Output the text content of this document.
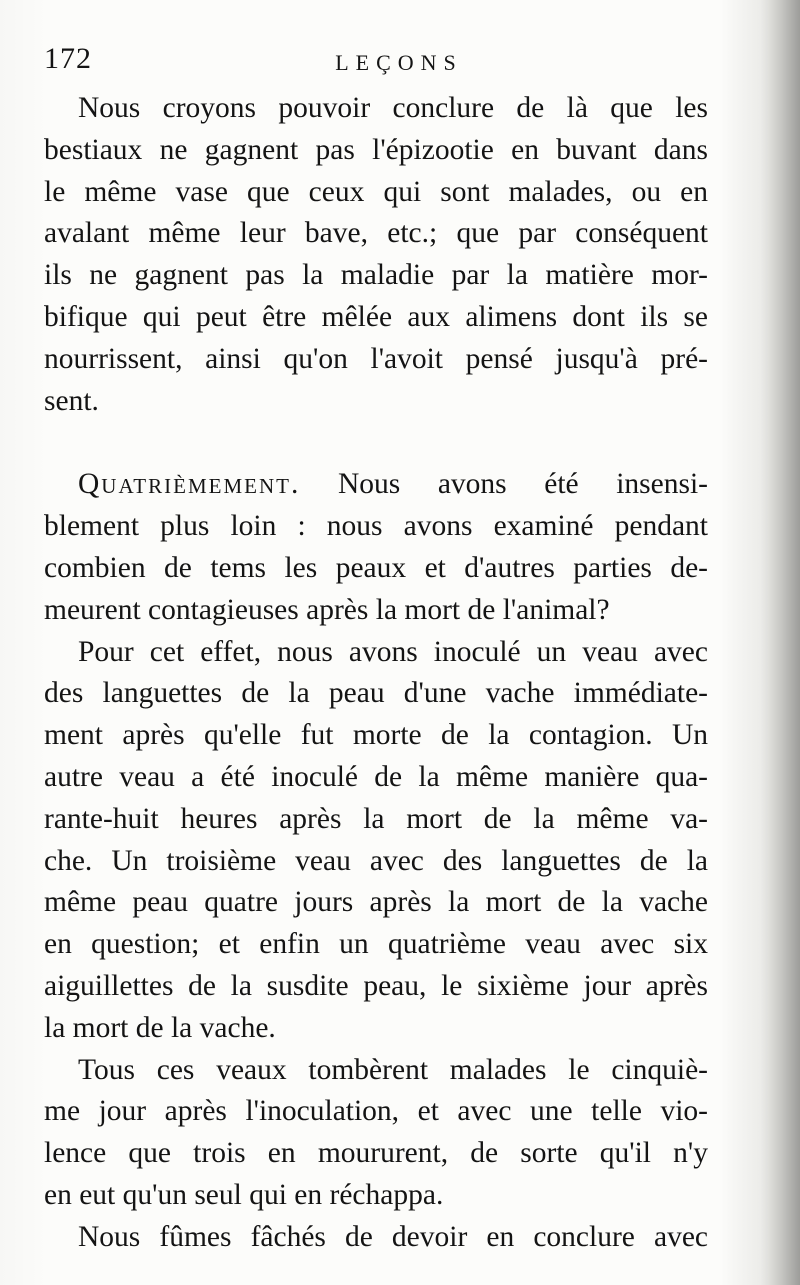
172	LEÇONS
Nous croyons pouvoir conclure de là que les
bestiaux ne gagnent pas l'épizootie en buvant dans
le même vase que ceux qui sont malades, ou en
avalant même leur bave, etc.; que par conséquent
ils ne gagnent pas la maladie par la matière mor-
bifique qui peut être mêlée aux alimens dont ils se
nourrissent, ainsi qu'on l'avoit pensé jusqu'à pré-
sent.
Quatrièmement. Nous avons été insensi-
blement plus loin : nous avons examiné pendant
combien de tems les peaux et d'autres parties de-
meurent contagieuses après la mort de l'animal?
Pour cet effet, nous avons inoculé un veau avec
des languettes de la peau d'une vache immédiate-
ment après qu'elle fut morte de la contagion. Un
autre veau a été inoculé de la même manière qua-
rante-huit heures après la mort de la même va-
che. Un troisième veau avec des languettes de la
même peau quatre jours après la mort de la vache
en question; et enfin un quatrième veau avec six
aiguillettes de la susdite peau, le sixième jour après
la mort de la vache.
Tous ces veaux tombèrent malades le cinquiè-
me jour après l'inoculation, et avec une telle vio-
lence que trois en moururent, de sorte qu'il n'y
en eut qu'un seul qui en réchappa.
Nous fûmes fâchés de devoir en conclure avec
